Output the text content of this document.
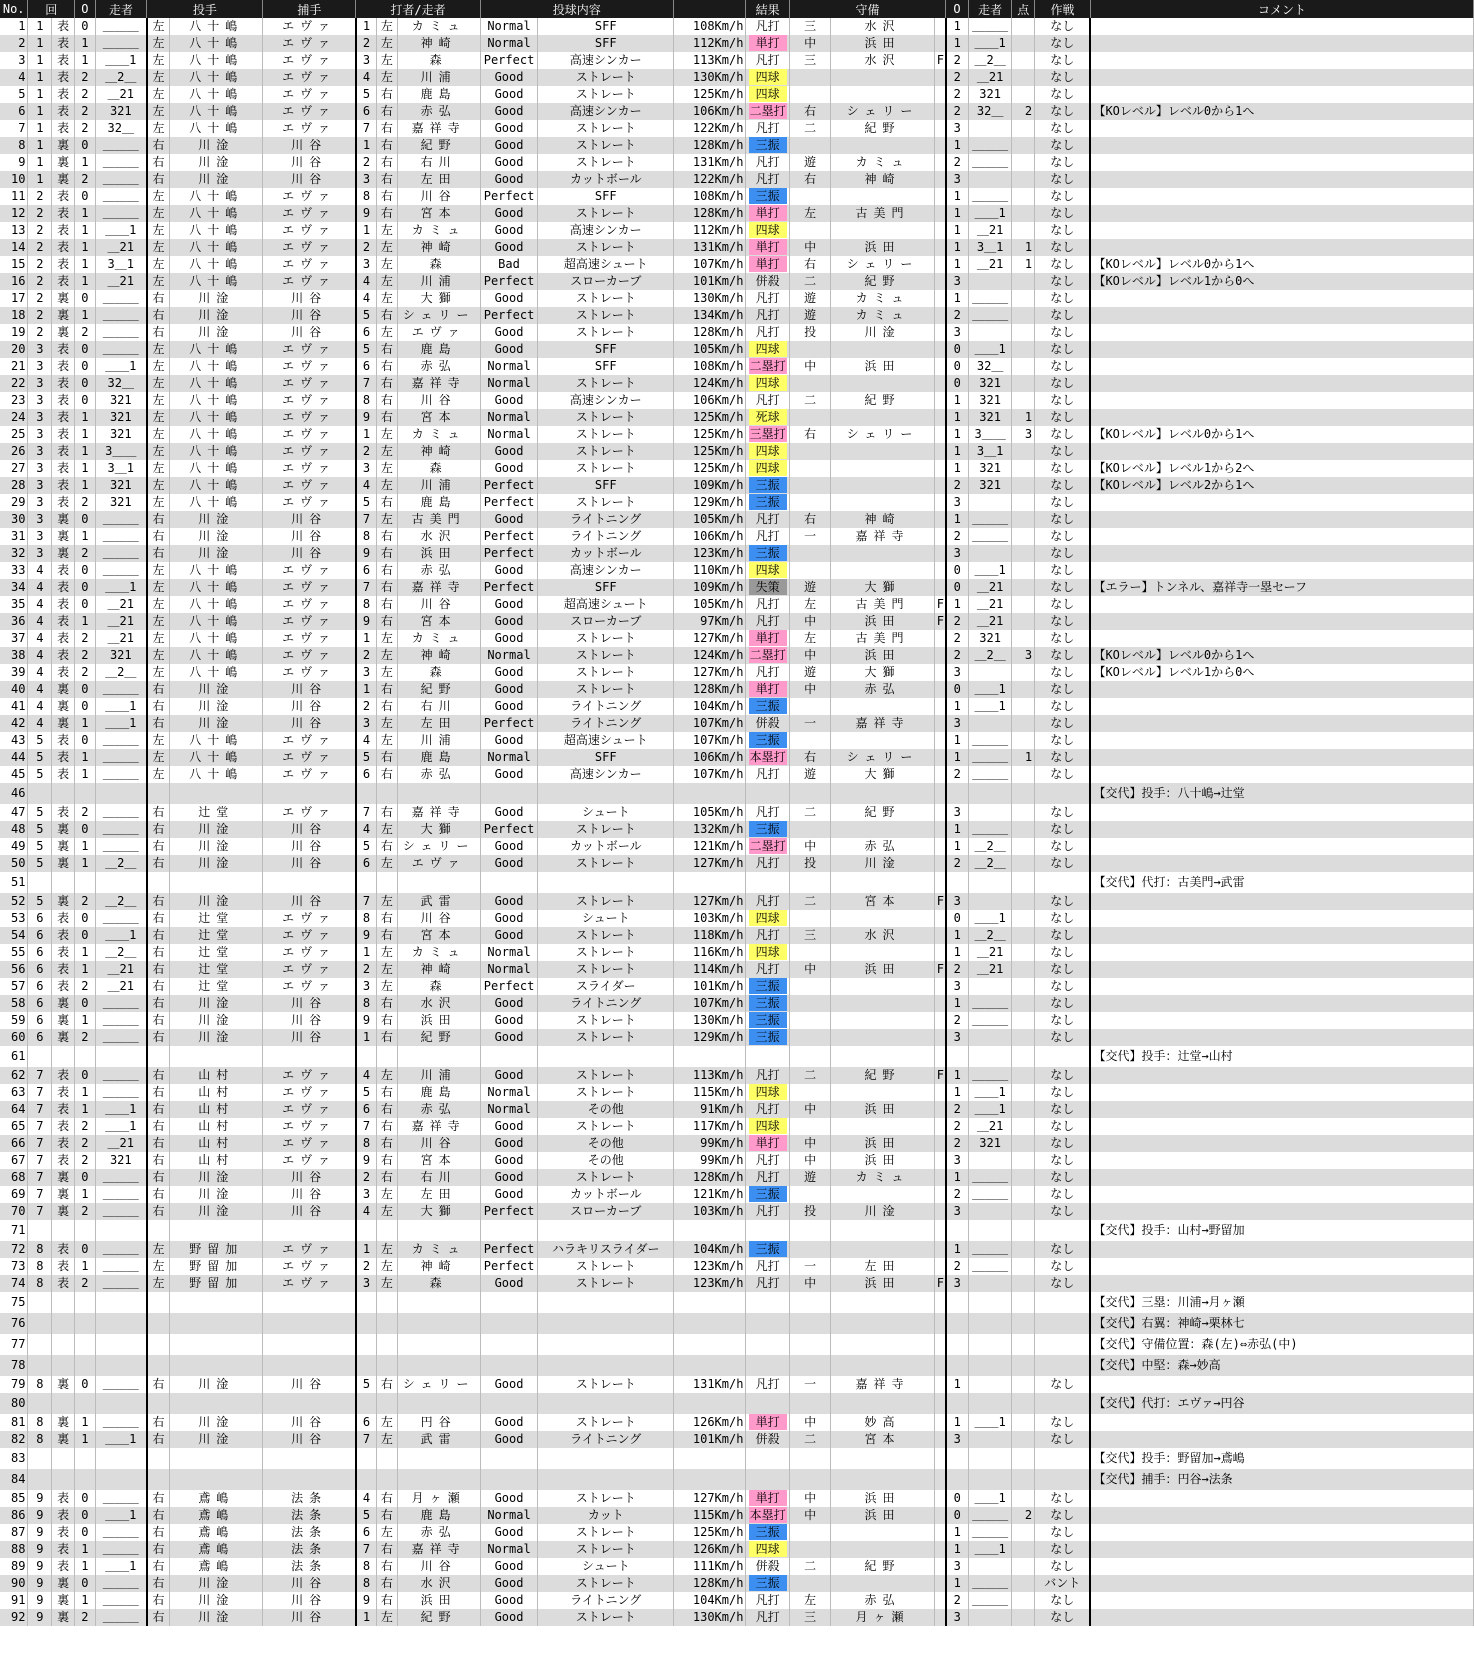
No.	回		O	走者	投手		捕手	打者/走者			投球内容			結果	守備			O	走者	点	作戦	コメント
1	1	表	0	＿＿＿	左	八十嶋	エヴァ	1	左	カミュ	Normal	SFF	108Km/h	凡打	三	水沢		1	＿＿＿		なし	
2	1	表	1	＿＿＿	左	八十嶋	エヴァ	2	左	神崎	Normal	SFF	112Km/h	単打	中	浜田		1	＿＿1		なし	
3	1	表	1	＿＿1	左	八十嶋	エヴァ	3	左	森	Perfect	高速シンカー	113Km/h	凡打	三	水沢	F	2	＿2＿		なし	
4	1	表	2	＿2＿	左	八十嶋	エヴァ	4	左	川浦	Good	ストレート	130Km/h	四球				2	＿21		なし	
5	1	表	2	＿21	左	八十嶋	エヴァ	5	右	鹿島	Good	ストレート	125Km/h	四球				2	321		なし	
6	1	表	2	321	左	八十嶋	エヴァ	6	右	赤弘	Good	高速シンカー	106Km/h	二塁打	右	シェリー		2	32＿	2	なし	【KOレベル】レベル0から1へ
7	1	表	2	32＿	左	八十嶋	エヴァ	7	右	嘉祥寺	Good	ストレート	122Km/h	凡打	二	紀野		3			なし	
8	1	裏	0	＿＿＿	右	川淦	川谷	1	右	紀野	Good	ストレート	128Km/h	三振				1	＿＿＿		なし	
9	1	裏	1	＿＿＿	右	川淦	川谷	2	右	右川	Good	ストレート	131Km/h	凡打	遊	カミュ		2	＿＿＿		なし	
10	1	裏	2	＿＿＿	右	川淦	川谷	3	右	左田	Good	カットボール	122Km/h	凡打	右	神崎		3			なし	
11	2	表	0	＿＿＿	左	八十嶋	エヴァ	8	右	川谷	Perfect	SFF	108Km/h	三振				1	＿＿＿		なし	
12	2	表	1	＿＿＿	左	八十嶋	エヴァ	9	右	宮本	Good	ストレート	128Km/h	単打	左	古美門		1	＿＿1		なし	
13	2	表	1	＿＿1	左	八十嶋	エヴァ	1	左	カミュ	Good	高速シンカー	112Km/h	四球				1	＿21		なし	
14	2	表	1	＿21	左	八十嶋	エヴァ	2	左	神崎	Good	ストレート	131Km/h	単打	中	浜田		1	3＿1	1	なし	
15	2	表	1	3＿1	左	八十嶋	エヴァ	3	左	森	Bad	超高速シュート	107Km/h	単打	右	シェリー		1	＿21	1	なし	【KOレベル】レベル0から1へ
16	2	表	1	＿21	左	八十嶋	エヴァ	4	左	川浦	Perfect	スローカーブ	101Km/h	併殺	二	紀野		3			なし	【KOレベル】レベル1から0へ
17	2	裏	0	＿＿＿	右	川淦	川谷	4	左	大獅	Good	ストレート	130Km/h	凡打	遊	カミュ		1	＿＿＿		なし	
18	2	裏	1	＿＿＿	右	川淦	川谷	5	右	シェリー	Perfect	ストレート	134Km/h	凡打	遊	カミュ		2	＿＿＿		なし	
19	2	裏	2	＿＿＿	右	川淦	川谷	6	左	エヴァ	Good	ストレート	128Km/h	凡打	投	川淦		3			なし	
20	3	表	0	＿＿＿	左	八十嶋	エヴァ	5	右	鹿島	Good	SFF	105Km/h	四球				0	＿＿1		なし	
21	3	表	0	＿＿1	左	八十嶋	エヴァ	6	右	赤弘	Normal	SFF	108Km/h	二塁打	中	浜田		0	32＿		なし	
22	3	表	0	32＿	左	八十嶋	エヴァ	7	右	嘉祥寺	Normal	ストレート	124Km/h	四球				0	321		なし	
23	3	表	0	321	左	八十嶋	エヴァ	8	右	川谷	Good	高速シンカー	106Km/h	凡打	二	紀野		1	321		なし	
24	3	表	1	321	左	八十嶋	エヴァ	9	右	宮本	Normal	ストレート	125Km/h	死球				1	321	1	なし	
25	3	表	1	321	左	八十嶋	エヴァ	1	左	カミュ	Normal	ストレート	125Km/h	三塁打	右	シェリー		1	3＿＿	3	なし	【KOレベル】レベル0から1へ
26	3	表	1	3＿＿	左	八十嶋	エヴァ	2	左	神崎	Good	ストレート	125Km/h	四球				1	3＿1		なし	
27	3	表	1	3＿1	左	八十嶋	エヴァ	3	左	森	Good	ストレート	125Km/h	四球				1	321		なし	【KOレベル】レベル1から2へ
28	3	表	1	321	左	八十嶋	エヴァ	4	左	川浦	Perfect	SFF	109Km/h	三振				2	321		なし	【KOレベル】レベル2から1へ
29	3	表	2	321	左	八十嶋	エヴァ	5	右	鹿島	Perfect	ストレート	129Km/h	三振				3			なし	
30	3	裏	0	＿＿＿	右	川淦	川谷	7	左	古美門	Good	ライトニング	105Km/h	凡打	右	神崎		1	＿＿＿		なし	
31	3	裏	1	＿＿＿	右	川淦	川谷	8	右	水沢	Perfect	ライトニング	106Km/h	凡打	一	嘉祥寺		2	＿＿＿		なし	
32	3	裏	2	＿＿＿	右	川淦	川谷	9	右	浜田	Perfect	カットボール	123Km/h	三振				3			なし	
33	4	表	0	＿＿＿	左	八十嶋	エヴァ	6	右	赤弘	Good	高速シンカー	110Km/h	四球				0	＿＿1		なし	
34	4	表	0	＿＿1	左	八十嶋	エヴァ	7	右	嘉祥寺	Perfect	SFF	109Km/h	失策	遊	大獅		0	＿21		なし	【エラー】トンネル、嘉祥寺一塁セーフ
35	4	表	0	＿21	左	八十嶋	エヴァ	8	右	川谷	Good	超高速シュート	105Km/h	凡打	左	古美門	F	1	＿21		なし	
36	4	表	1	＿21	左	八十嶋	エヴァ	9	右	宮本	Good	スローカーブ	97Km/h	凡打	中	浜田	F	2	＿21		なし	
37	4	表	2	＿21	左	八十嶋	エヴァ	1	左	カミュ	Good	ストレート	127Km/h	単打	左	古美門		2	321		なし	
38	4	表	2	321	左	八十嶋	エヴァ	2	左	神崎	Normal	ストレート	124Km/h	二塁打	中	浜田		2	＿2＿	3	なし	【KOレベル】レベル0から1へ
39	4	表	2	＿2＿	左	八十嶋	エヴァ	3	左	森	Good	ストレート	127Km/h	凡打	遊	大獅		3			なし	【KOレベル】レベル1から0へ
40	4	裏	0	＿＿＿	右	川淦	川谷	1	右	紀野	Good	ストレート	128Km/h	単打	中	赤弘		0	＿＿1		なし	
41	4	裏	0	＿＿1	右	川淦	川谷	2	右	右川	Good	ライトニング	104Km/h	三振				1	＿＿1		なし	
42	4	裏	1	＿＿1	右	川淦	川谷	3	左	左田	Perfect	ライトニング	107Km/h	併殺	一	嘉祥寺		3			なし	
43	5	表	0	＿＿＿	左	八十嶋	エヴァ	4	左	川浦	Good	超高速シュート	107Km/h	三振				1	＿＿＿		なし	
44	5	表	1	＿＿＿	左	八十嶋	エヴァ	5	右	鹿島	Normal	SFF	106Km/h	本塁打	右	シェリー		1	＿＿＿	1	なし	
45	5	表	1	＿＿＿	左	八十嶋	エヴァ	6	右	赤弘	Good	高速シンカー	107Km/h	凡打	遊	大獅		2	＿＿＿		なし	
46																						【交代】投手：八十嶋→辻堂
47	5	表	2	＿＿＿	右	辻堂	エヴァ	7	右	嘉祥寺	Good	シュート	105Km/h	凡打	二	紀野		3			なし	
48	5	裏	0	＿＿＿	右	川淦	川谷	4	左	大獅	Perfect	ストレート	132Km/h	三振				1	＿＿＿		なし	
49	5	裏	1	＿＿＿	右	川淦	川谷	5	右	シェリー	Good	カットボール	121Km/h	二塁打	中	赤弘		1	＿2＿		なし	
50	5	裏	1	＿2＿	右	川淦	川谷	6	左	エヴァ	Good	ストレート	127Km/h	凡打	投	川淦		2	＿2＿		なし	
51																						【交代】代打：古美門→武雷
52	5	裏	2	＿2＿	右	川淦	川谷	7	左	武雷	Good	ストレート	127Km/h	凡打	二	宮本	F	3			なし	
53	6	表	0	＿＿＿	右	辻堂	エヴァ	8	右	川谷	Good	シュート	103Km/h	四球				0	＿＿1		なし	
54	6	表	0	＿＿1	右	辻堂	エヴァ	9	右	宮本	Good	ストレート	118Km/h	凡打	三	水沢		1	＿2＿		なし	
55	6	表	1	＿2＿	右	辻堂	エヴァ	1	左	カミュ	Normal	ストレート	116Km/h	四球				1	＿21		なし	
56	6	表	1	＿21	右	辻堂	エヴァ	2	左	神崎	Normal	ストレート	114Km/h	凡打	中	浜田	F	2	＿21		なし	
57	6	表	2	＿21	右	辻堂	エヴァ	3	左	森	Perfect	スライダー	101Km/h	三振				3			なし	
58	6	裏	0	＿＿＿	右	川淦	川谷	8	右	水沢	Good	ライトニング	107Km/h	三振				1	＿＿＿		なし	
59	6	裏	1	＿＿＿	右	川淦	川谷	9	右	浜田	Good	ストレート	130Km/h	三振				2	＿＿＿		なし	
60	6	裏	2	＿＿＿	右	川淦	川谷	1	右	紀野	Good	ストレート	129Km/h	三振				3			なし	
61																						【交代】投手：辻堂→山村
62	7	表	0	＿＿＿	右	山村	エヴァ	4	左	川浦	Good	ストレート	113Km/h	凡打	二	紀野	F	1	＿＿＿		なし	
63	7	表	1	＿＿＿	右	山村	エヴァ	5	右	鹿島	Normal	ストレート	115Km/h	四球				1	＿＿1		なし	
64	7	表	1	＿＿1	右	山村	エヴァ	6	右	赤弘	Normal	その他	91Km/h	凡打	中	浜田		2	＿＿1		なし	
65	7	表	2	＿＿1	右	山村	エヴァ	7	右	嘉祥寺	Good	ストレート	117Km/h	四球				2	＿21		なし	
66	7	表	2	＿21	右	山村	エヴァ	8	右	川谷	Good	その他	99Km/h	単打	中	浜田		2	321		なし	
67	7	表	2	321	右	山村	エヴァ	9	右	宮本	Good	その他	99Km/h	凡打	中	浜田		3			なし	
68	7	裏	0	＿＿＿	右	川淦	川谷	2	右	右川	Good	ストレート	128Km/h	凡打	遊	カミュ		1	＿＿＿		なし	
69	7	裏	1	＿＿＿	右	川淦	川谷	3	左	左田	Good	カットボール	121Km/h	三振				2	＿＿＿		なし	
70	7	裏	2	＿＿＿	右	川淦	川谷	4	左	大獅	Perfect	スローカーブ	103Km/h	凡打	投	川淦		3			なし	
71																						【交代】投手：山村→野留加
72	8	表	0	＿＿＿	左	野留加	エヴァ	1	左	カミュ	Perfect	ハラキリスライダー	104Km/h	三振				1	＿＿＿		なし	
73	8	表	1	＿＿＿	左	野留加	エヴァ	2	左	神崎	Perfect	ストレート	123Km/h	凡打	一	左田		2	＿＿＿		なし	
74	8	表	2	＿＿＿	左	野留加	エヴァ	3	左	森	Good	ストレート	123Km/h	凡打	中	浜田	F	3			なし	
75																						【交代】三塁：川浦→月ヶ瀬
76																						【交代】右翼：神崎→栗林七
77																						【交代】守備位置：森(左)⇔赤弘(中)
78																						【交代】中堅：森→妙高
79	8	裏	0	＿＿＿	右	川淦	川谷	5	右	シェリー	Good	ストレート	131Km/h	凡打	一	嘉祥寺		1			なし	
80																						【交代】代打：エヴァ→円谷
81	8	裏	1	＿＿＿	右	川淦	川谷	6	左	円谷	Good	ストレート	126Km/h	単打	中	妙高		1	＿＿1		なし	
82	8	裏	1	＿＿1	右	川淦	川谷	7	左	武雷	Good	ライトニング	101Km/h	併殺	二	宮本		3			なし	
83																						【交代】投手：野留加→鳶嶋
84																						【交代】捕手：円谷→法条
85	9	表	0	＿＿＿	右	鳶嶋	法条	4	右	月ヶ瀬	Good	ストレート	127Km/h	単打	中	浜田		0	＿＿1		なし	
86	9	表	0	＿＿1	右	鳶嶋	法条	5	右	鹿島	Normal	カット	115Km/h	本塁打	中	浜田		0	＿＿＿	2	なし	
87	9	表	0	＿＿＿	右	鳶嶋	法条	6	左	赤弘	Good	ストレート	125Km/h	三振				1	＿＿＿		なし	
88	9	表	1	＿＿＿	右	鳶嶋	法条	7	右	嘉祥寺	Normal	ストレート	126Km/h	四球				1	＿＿1		なし	
89	9	表	1	＿＿1	右	鳶嶋	法条	8	右	川谷	Good	シュート	111Km/h	併殺	二	紀野		3			なし	
90	9	裏	0	＿＿＿	右	川淦	川谷	8	右	水沢	Good	ストレート	128Km/h	三振				1	＿＿＿		バント	
91	9	裏	1	＿＿＿	右	川淦	川谷	9	右	浜田	Good	ライトニング	104Km/h	凡打	左	赤弘		2	＿＿＿		なし	
92	9	裏	2	＿＿＿	右	川淦	川谷	1	左	紀野	Good	ストレート	130Km/h	凡打	三	月ヶ瀬		3			なし	
